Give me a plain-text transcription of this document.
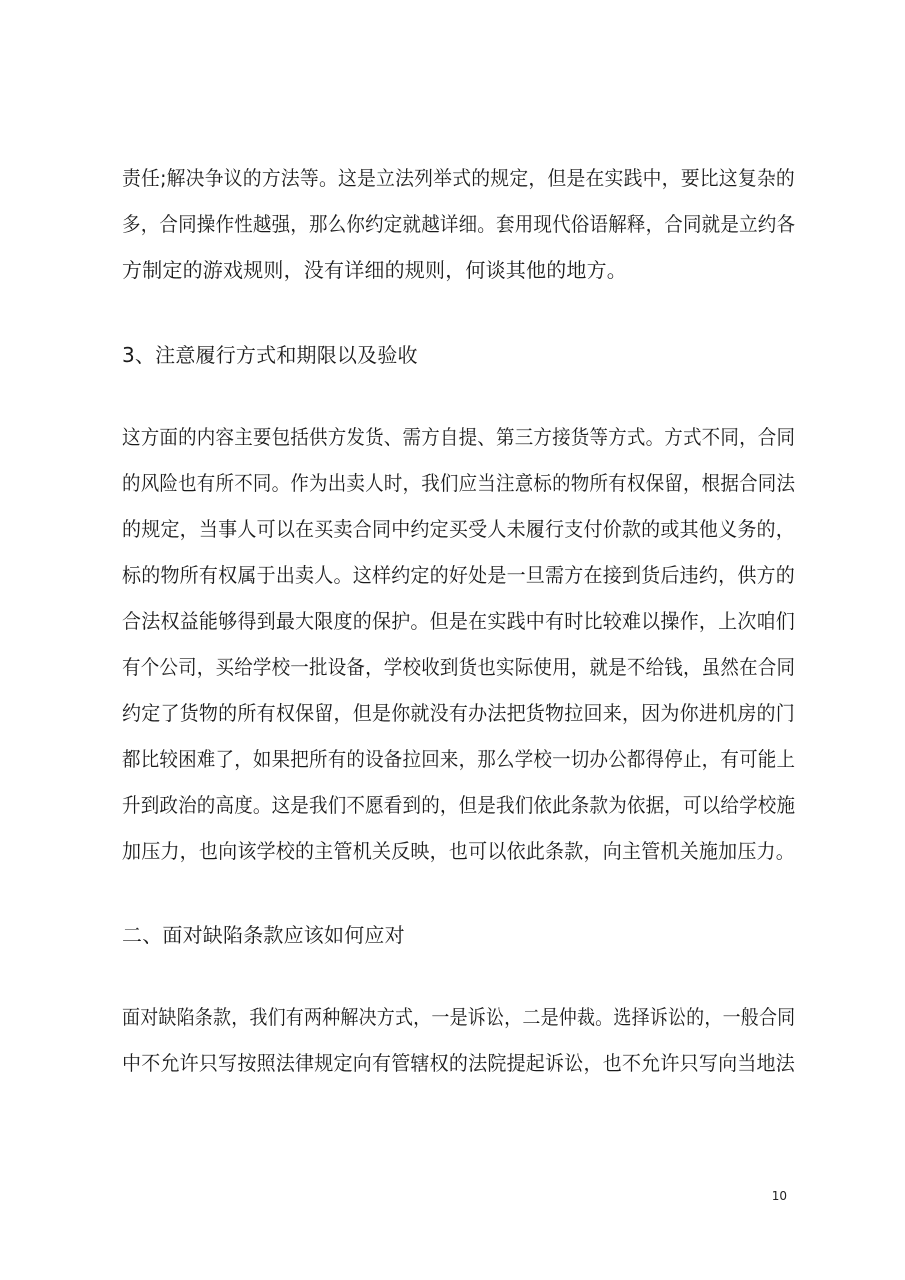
责任;解决争议的方法等。这是立法列举式的规定，但是在实践中，要比这复杂的
多，合同操作性越强，那么你约定就越详细。套用现代俗语解释，合同就是立约各
方制定的游戏规则，没有详细的规则，何谈其他的地方。
3、注意履行方式和期限以及验收
这方面的内容主要包括供方发货、需方自提、第三方接货等方式。方式不同，合同
的风险也有所不同。作为出卖人时，我们应当注意标的物所有权保留，根据合同法
的规定，当事人可以在买卖合同中约定买受人未履行支付价款的或其他义务的，
标的物所有权属于出卖人。这样约定的好处是一旦需方在接到货后违约，供方的
合法权益能够得到最大限度的保护。但是在实践中有时比较难以操作，上次咱们
有个公司，买给学校一批设备，学校收到货也实际使用，就是不给钱，虽然在合同
约定了货物的所有权保留，但是你就没有办法把货物拉回来，因为你进机房的门
都比较困难了，如果把所有的设备拉回来，那么学校一切办公都得停止，有可能上
升到政治的高度。这是我们不愿看到的，但是我们依此条款为依据，可以给学校施
加压力，也向该学校的主管机关反映，也可以依此条款，向主管机关施加压力。
二、面对缺陷条款应该如何应对
面对缺陷条款，我们有两种解决方式，一是诉讼，二是仲裁。选择诉讼的，一般合同
中不允许只写按照法律规定向有管辖权的法院提起诉讼，也不允许只写向当地法
10
